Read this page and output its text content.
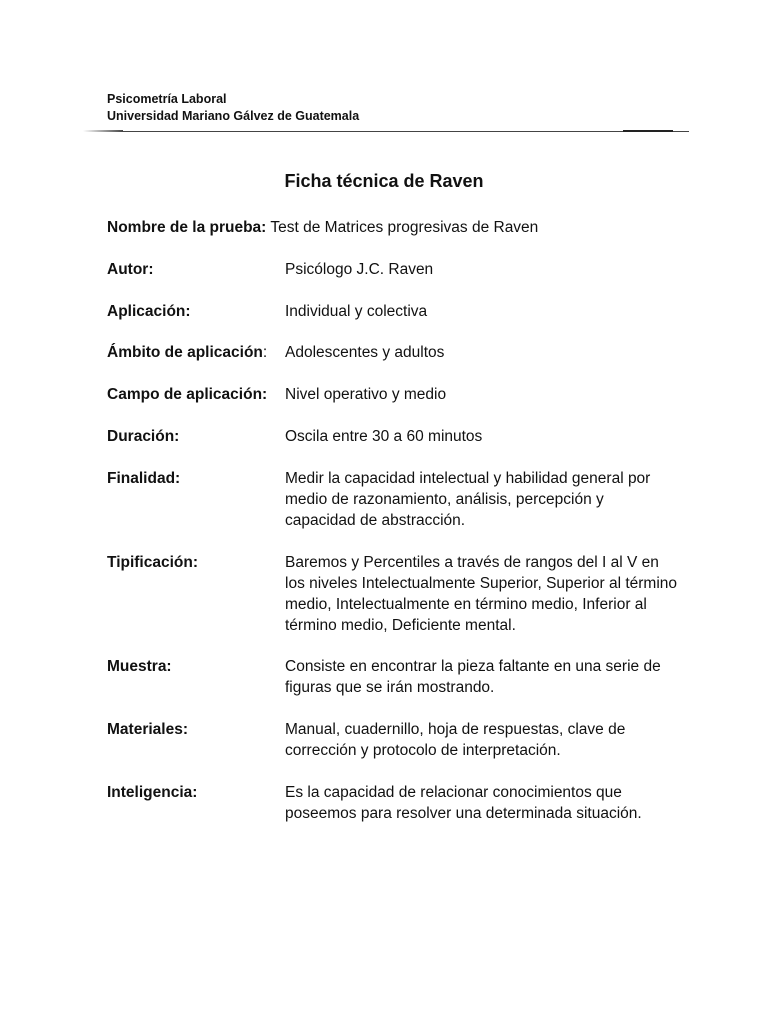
Psicometría Laboral
Universidad Mariano Gálvez de Guatemala
Ficha técnica de Raven
Nombre de la prueba: Test de Matrices progresivas de Raven
Autor:	Psicólogo J.C. Raven
Aplicación:	Individual y colectiva
Ámbito de aplicación: Adolescentes y adultos
Campo de aplicación: Nivel operativo y medio
Duración:	Oscila entre 30 a 60 minutos
Finalidad:	Medir la capacidad intelectual y habilidad general por medio de razonamiento, análisis, percepción y capacidad de abstracción.
Tipificación:	Baremos y Percentiles a través de rangos del I al V en los niveles Intelectualmente Superior, Superior al término medio, Intelectualmente en término medio, Inferior al término medio, Deficiente mental.
Muestra:	Consiste en encontrar la pieza faltante en una serie de figuras que se irán mostrando.
Materiales:	Manual, cuadernillo, hoja de respuestas, clave de corrección y protocolo de interpretación.
Inteligencia:	Es la capacidad de relacionar conocimientos que poseemos para resolver una determinada situación.
